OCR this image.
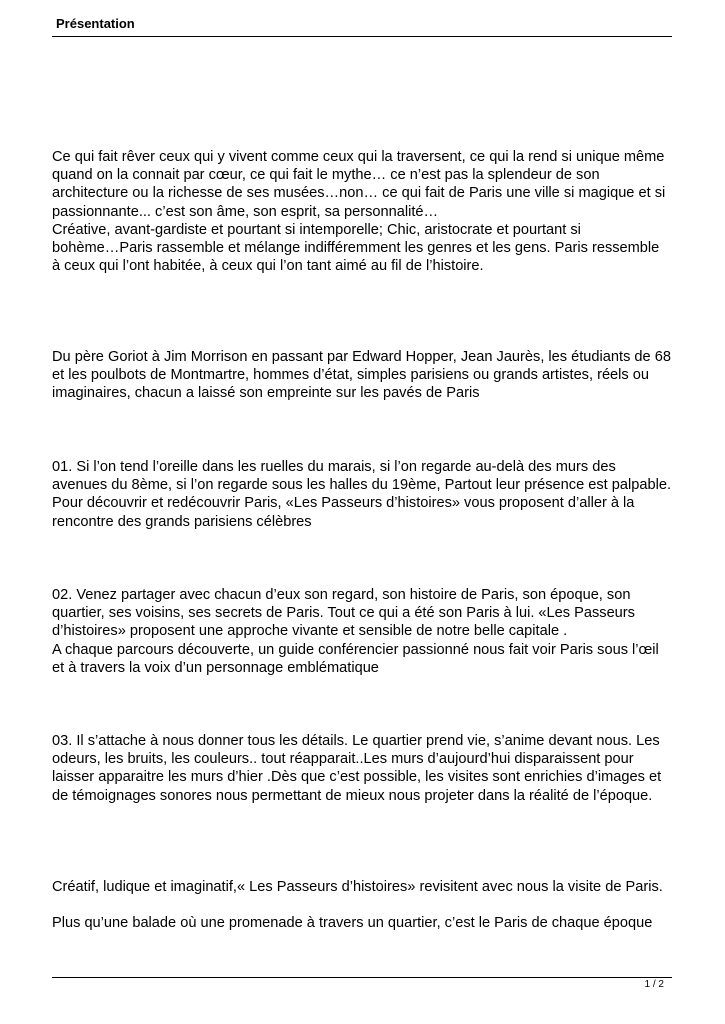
Présentation

Ce qui fait rêver ceux qui y vivent comme ceux qui la traversent, ce qui la rend si unique même
quand on la connait par cœur, ce qui fait le mythe… ce n’est pas la splendeur de son
architecture ou la richesse de ses musées…non… ce qui fait de Paris une ville si magique et si
passionnante... c’est son âme, son esprit, sa personnalité…
Créative, avant-gardiste et pourtant si intemporelle; Chic, aristocrate et pourtant si
bohème…Paris rassemble et mélange indifféremment les genres et les gens. Paris ressemble
à ceux qui l’ont habitée, à ceux qui l’on tant aimé au fil de l’histoire.

Du père Goriot à Jim Morrison en passant par Edward Hopper, Jean Jaurès, les étudiants de 68
et les poulbots de Montmartre, hommes d’état, simples parisiens ou grands artistes, réels ou
imaginaires, chacun a laissé son empreinte sur les pavés de Paris

01. Si l’on tend l’oreille dans les ruelles du marais, si l’on regarde au-delà des murs des
avenues du 8ème, si l’on regarde sous les halles du 19ème, Partout leur présence est palpable.
Pour découvrir et redécouvrir Paris, «Les Passeurs d’histoires» vous proposent d’aller à la
rencontre des grands parisiens célèbres

02. Venez partager avec chacun d’eux son regard, son histoire de Paris, son époque, son
quartier, ses voisins, ses secrets de Paris. Tout ce qui a été son Paris à lui. «Les Passeurs
d’histoires» proposent une approche vivante et sensible de notre belle capitale .
A chaque parcours découverte, un guide conférencier passionné nous fait voir Paris sous l’œil
et à travers la voix d’un personnage emblématique

03. Il s’attache à nous donner tous les détails. Le quartier prend vie, s’anime devant nous. Les
odeurs, les bruits, les couleurs.. tout réapparait..Les murs d’aujourd’hui disparaissent pour
laisser apparaitre les murs d’hier .Dès que c’est possible, les visites sont enrichies d’images et
de témoignages sonores nous permettant de mieux nous projeter dans la réalité de l’époque.

Créatif, ludique et imaginatif,« Les Passeurs d’histoires» revisitent avec nous la visite de Paris.

Plus qu’une balade où une promenade à travers un quartier, c’est le Paris de chaque époque

1 / 2
